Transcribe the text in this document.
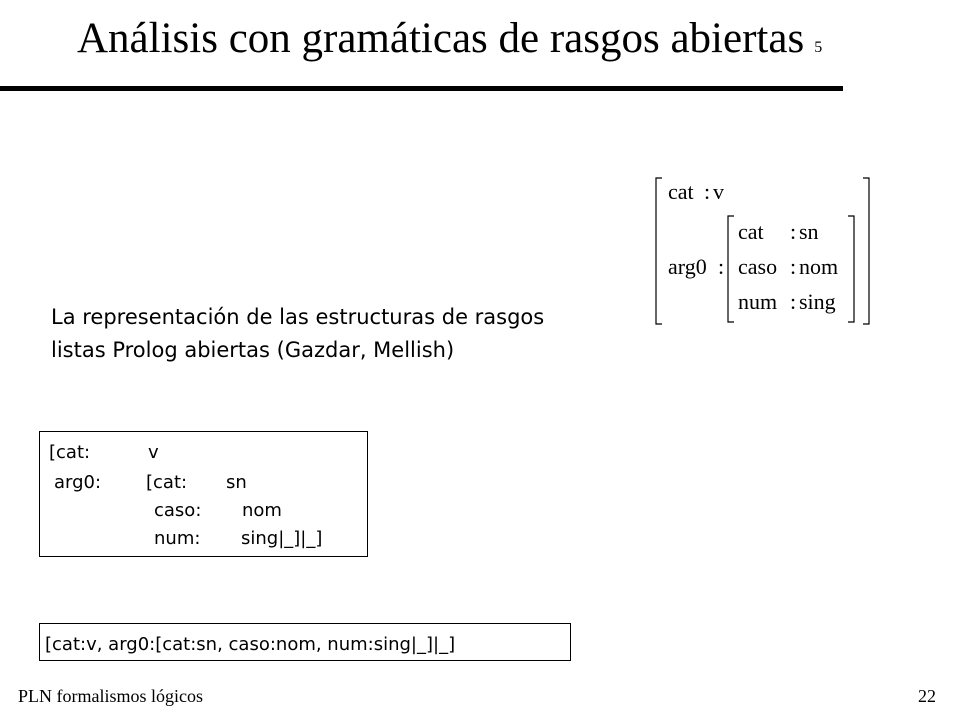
Análisis con gramáticas de rasgos abiertas 5
cat : v
arg0 :
cat : sn
caso : nom
num : sing
La representación de las estructuras de rasgos
listas Prolog abiertas (Gazdar, Mellish)
[cat:	v
arg0: [cat: sn
caso: nom
num: sing|_]|_]
[cat:v, arg0:[cat:sn, caso:nom, num:sing|_]|_]
PLN formalismos lógicos	22
